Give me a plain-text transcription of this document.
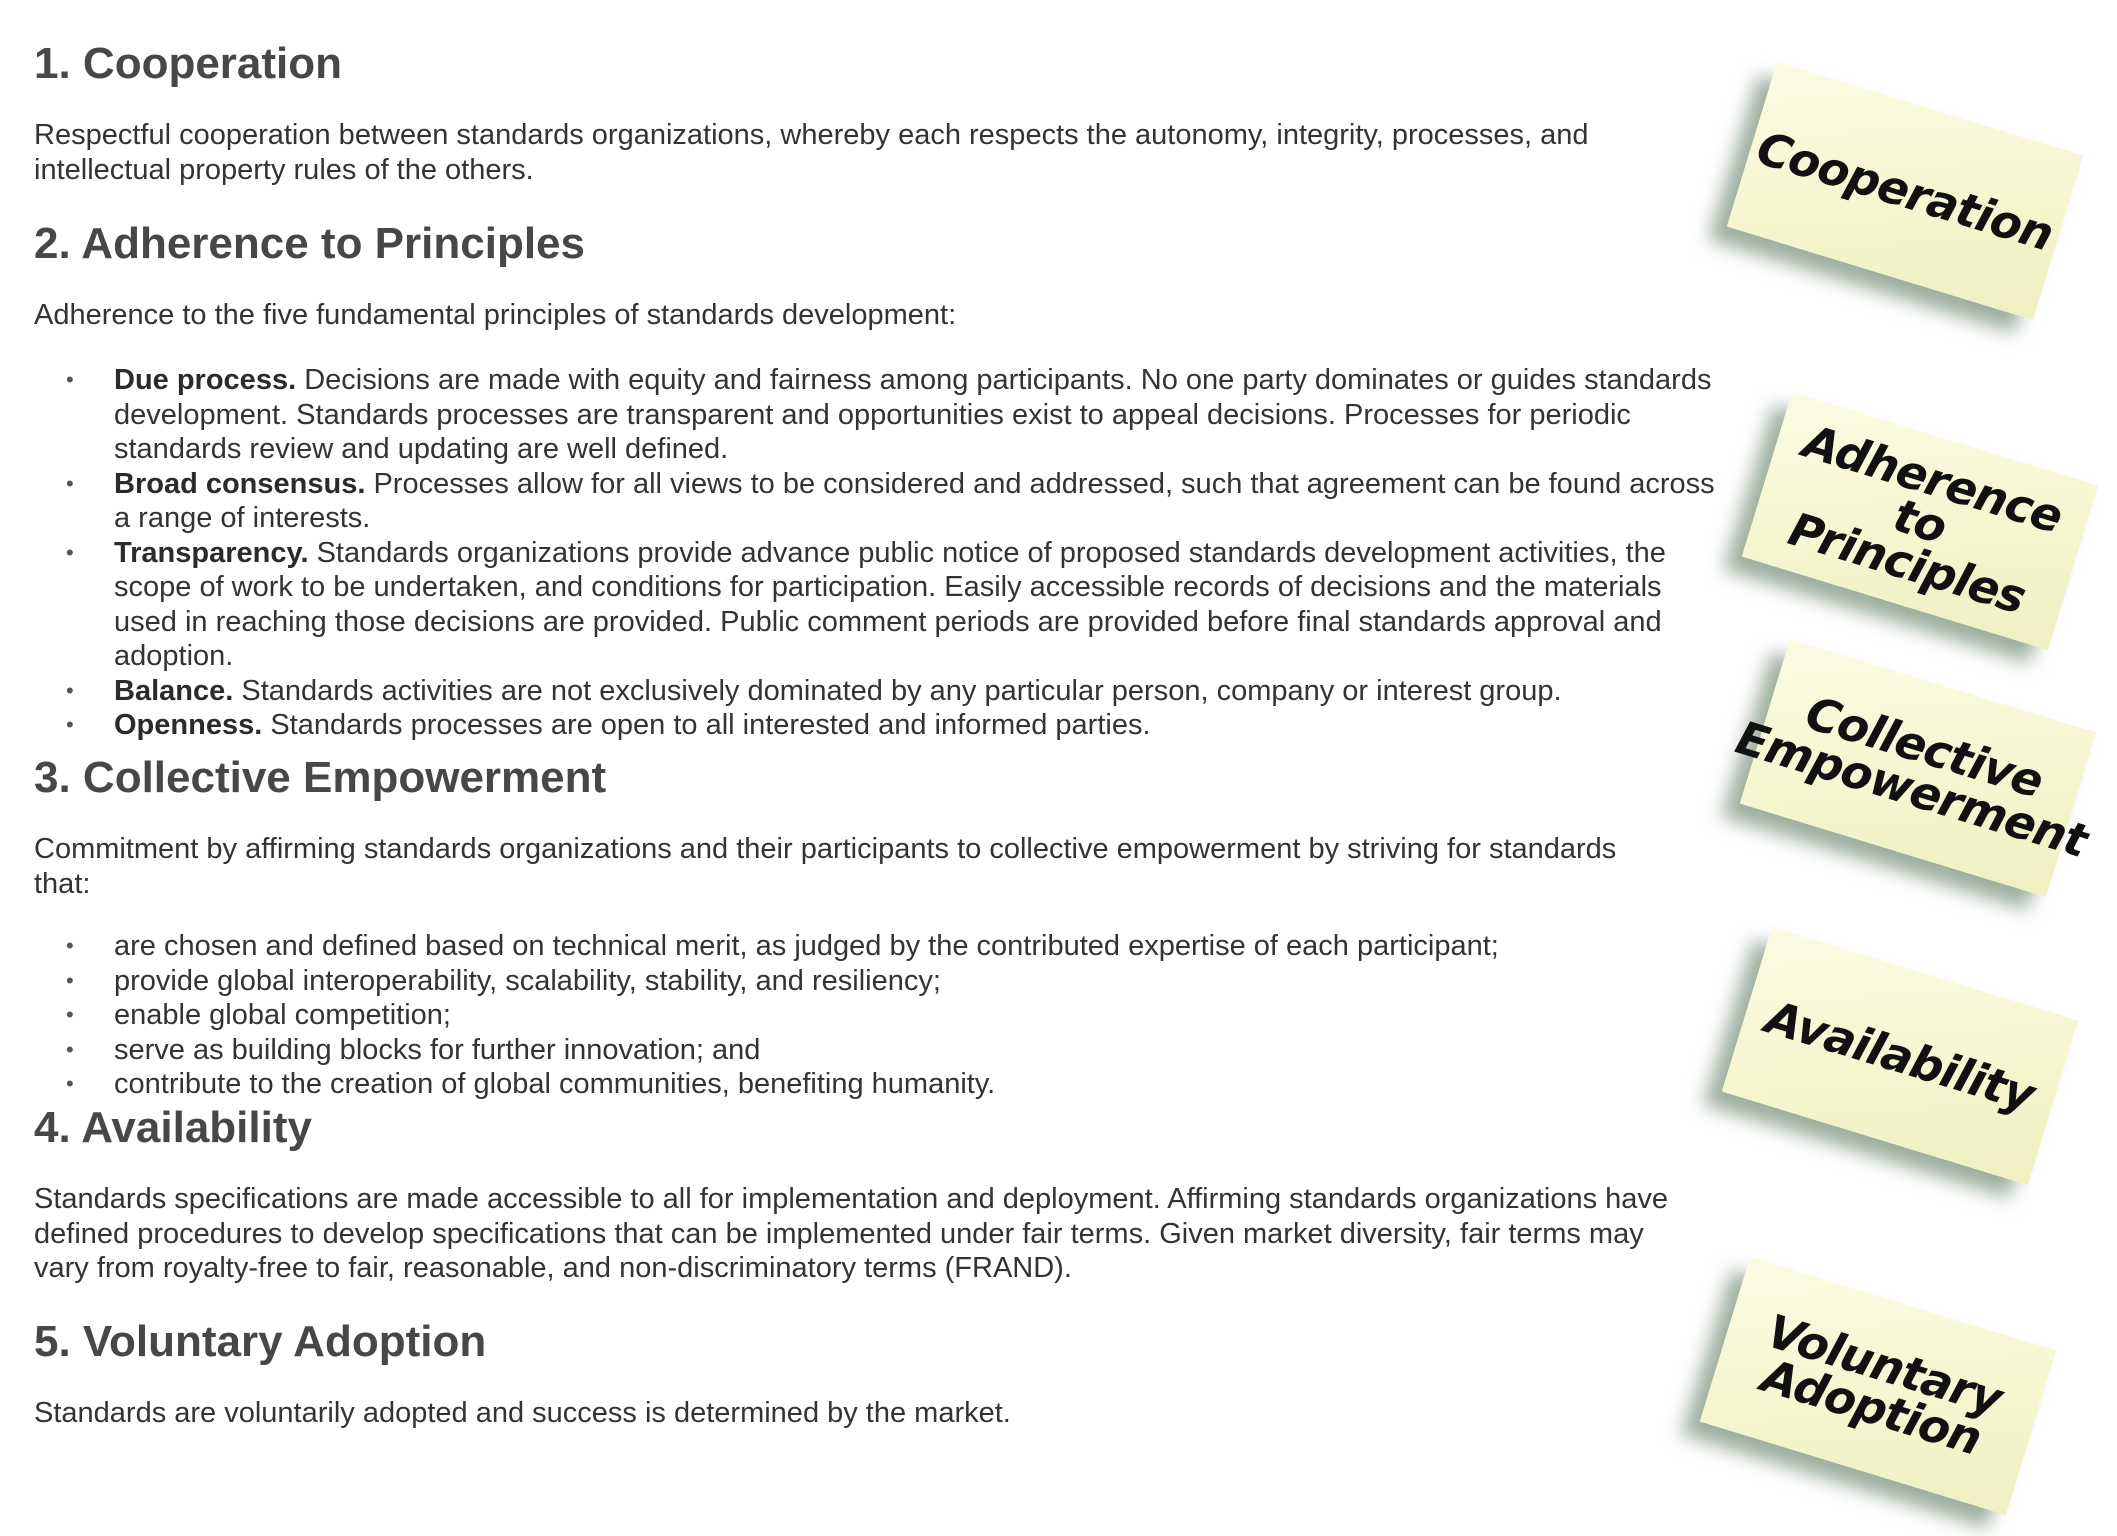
1. Cooperation

Respectful cooperation between standards organizations, whereby each respects the autonomy, integrity, processes, and intellectual property rules of the others.

2. Adherence to Principles

Adherence to the five fundamental principles of standards development:

• Due process. Decisions are made with equity and fairness among participants. No one party dominates or guides standards development. Standards processes are transparent and opportunities exist to appeal decisions. Processes for periodic standards review and updating are well defined.
• Broad consensus. Processes allow for all views to be considered and addressed, such that agreement can be found across a range of interests.
• Transparency. Standards organizations provide advance public notice of proposed standards development activities, the scope of work to be undertaken, and conditions for participation. Easily accessible records of decisions and the materials used in reaching those decisions are provided. Public comment periods are provided before final standards approval and adoption.
• Balance. Standards activities are not exclusively dominated by any particular person, company or interest group.
• Openness. Standards processes are open to all interested and informed parties.
3. Collective Empowerment

Commitment by affirming standards organizations and their participants to collective empowerment by striving for standards that:

• are chosen and defined based on technical merit, as judged by the contributed expertise of each participant;
• provide global interoperability, scalability, stability, and resiliency;
• enable global competition;
• serve as building blocks for further innovation; and
• contribute to the creation of global communities, benefiting humanity.
4. Availability

Standards specifications are made accessible to all for implementation and deployment. Affirming standards organizations have defined procedures to develop specifications that can be implemented under fair terms. Given market diversity, fair terms may vary from royalty-free to fair, reasonable, and non-discriminatory terms (FRAND).

5. Voluntary Adoption

Standards are voluntarily adopted and success is determined by the market.

Cooperation
Adherence to
Principles
Collective
Empowerment
Availability
Voluntary
Adoption
